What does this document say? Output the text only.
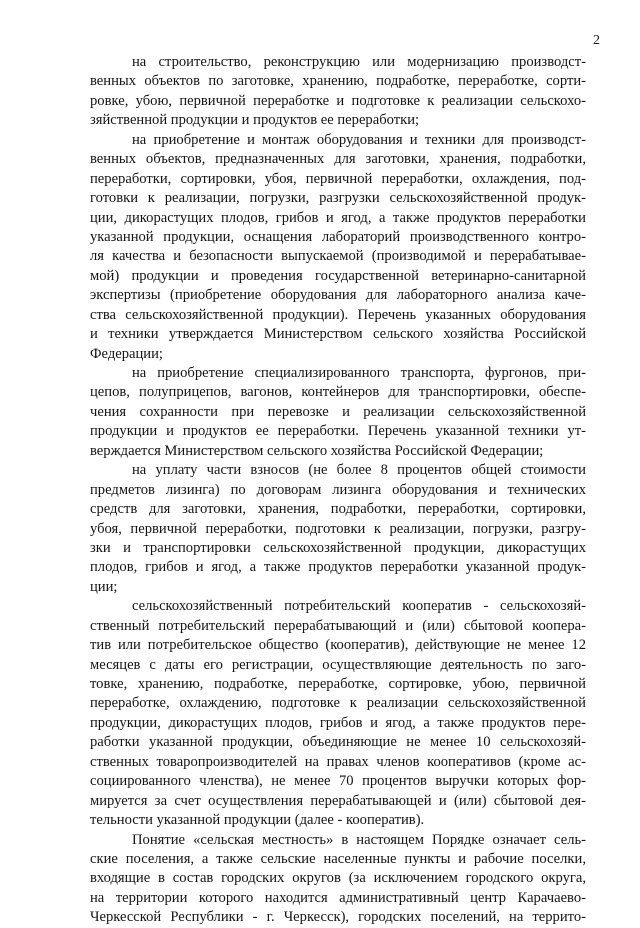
2
на строительство, реконструкцию или модернизацию производст-
венных объектов по заготовке, хранению, подработке, переработке, сорти-
ровке, убою, первичной переработке и подготовке к реализации сельскохо-
зяйственной продукции и продуктов ее переработки;
на приобретение и монтаж оборудования и техники для производст-
венных объектов, предназначенных для заготовки, хранения, подработки,
переработки, сортировки, убоя, первичной переработки, охлаждения, под-
готовки к реализации, погрузки, разгрузки сельскохозяйственной продук-
ции, дикорастущих плодов, грибов и ягод, а также продуктов переработки
указанной продукции, оснащения лабораторий производственного контро-
ля качества и безопасности выпускаемой (производимой и перерабатывае-
мой) продукции и проведения государственной ветеринарно-санитарной
экспертизы (приобретение оборудования для лабораторного анализа каче-
ства сельскохозяйственной продукции). Перечень указанных оборудования
и техники утверждается Министерством сельского хозяйства Российской
Федерации;
на приобретение специализированного транспорта, фургонов, при-
цепов, полуприцепов, вагонов, контейнеров для транспортировки, обеспе-
чения сохранности при перевозке и реализации сельскохозяйственной
продукции и продуктов ее переработки. Перечень указанной техники ут-
верждается Министерством сельского хозяйства Российской Федерации;
на уплату части взносов (не более 8 процентов общей стоимости
предметов лизинга) по договорам лизинга оборудования и технических
средств для заготовки, хранения, подработки, переработки, сортировки,
убоя, первичной переработки, подготовки к реализации, погрузки, разгру-
зки и транспортировки сельскохозяйственной продукции, дикорастущих
плодов, грибов и ягод, а также продуктов переработки указанной продук-
ции;
сельскохозяйственный потребительский кооператив - сельскохозяй-
ственный потребительский перерабатывающий и (или) сбытовой коопера-
тив или потребительское общество (кооператив), действующие не менее 12
месяцев с даты его регистрации, осуществляющие деятельность по заго-
товке, хранению, подработке, переработке, сортировке, убою, первичной
переработке, охлаждению, подготовке к реализации сельскохозяйственной
продукции, дикорастущих плодов, грибов и ягод, а также продуктов пере-
работки указанной продукции, объединяющие не менее 10 сельскохозяй-
ственных товаропроизводителей на правах членов кооперативов (кроме ас-
социированного членства), не менее 70 процентов выручки которых фор-
мируется за счет осуществления перерабатывающей и (или) сбытовой дея-
тельности указанной продукции (далее - кооператив).
Понятие «сельская местность» в настоящем Порядке означает сель-
ские поселения, а также сельские населенные пункты и рабочие поселки,
входящие в состав городских округов (за исключением городского округа,
на территории которого находится административный центр Карачаево-
Черкесской Республики - г. Черкесск), городских поселений, на террито-
